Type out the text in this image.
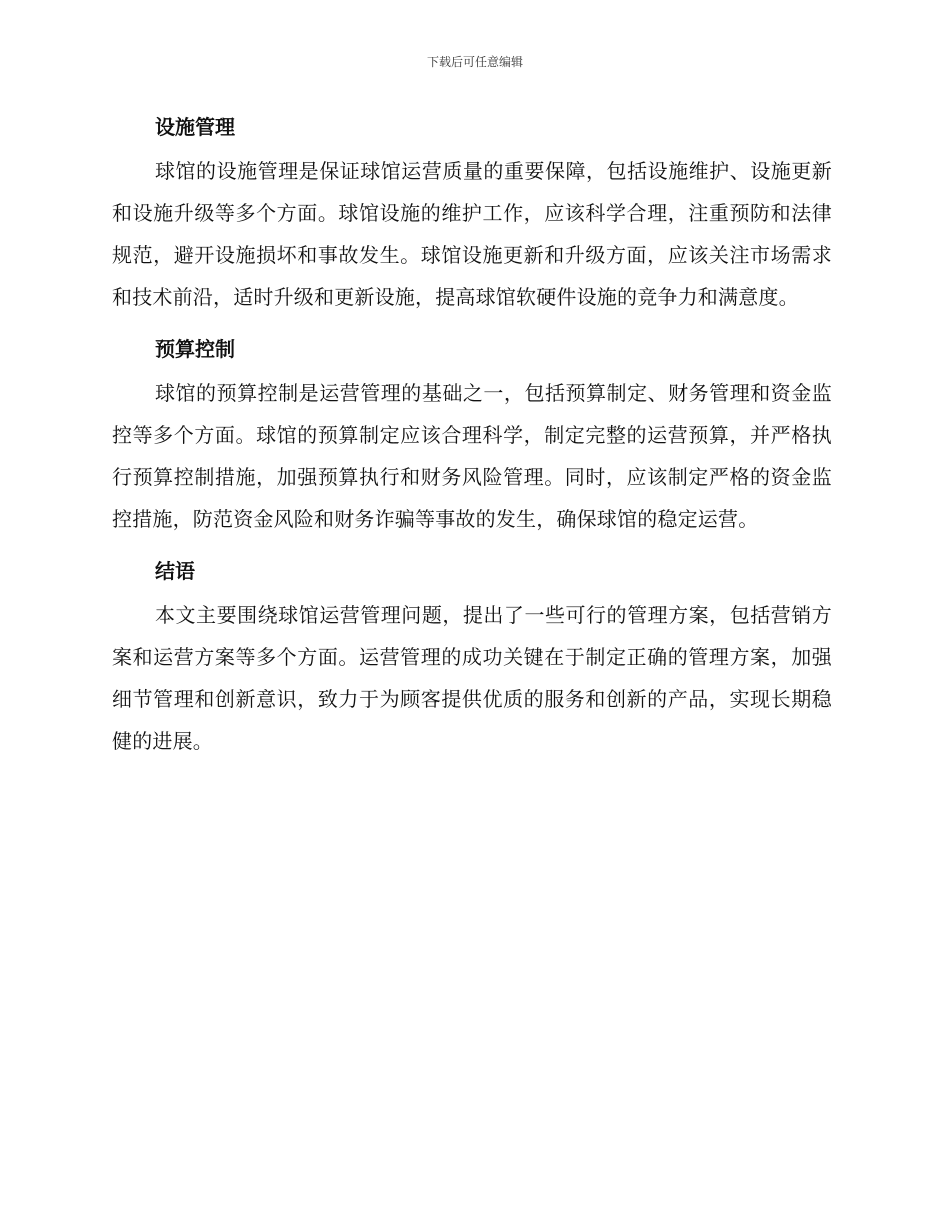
下载后可任意编辑
设施管理

球馆的设施管理是保证球馆运营质量的重要保障，包括设施维护、设施更新和设施升级等多个方面。球馆设施的维护工作，应该科学合理，注重预防和法律规范，避开设施损坏和事故发生。球馆设施更新和升级方面，应该关注市场需求和技术前沿，适时升级和更新设施，提高球馆软硬件设施的竞争力和满意度。

预算控制

球馆的预算控制是运营管理的基础之一，包括预算制定、财务管理和资金监控等多个方面。球馆的预算制定应该合理科学，制定完整的运营预算，并严格执行预算控制措施，加强预算执行和财务风险管理。同时，应该制定严格的资金监控措施，防范资金风险和财务诈骗等事故的发生，确保球馆的稳定运营。

结语

本文主要围绕球馆运营管理问题，提出了一些可行的管理方案，包括营销方案和运营方案等多个方面。运营管理的成功关键在于制定正确的管理方案，加强细节管理和创新意识，致力于为顾客提供优质的服务和创新的产品，实现长期稳健的进展。
